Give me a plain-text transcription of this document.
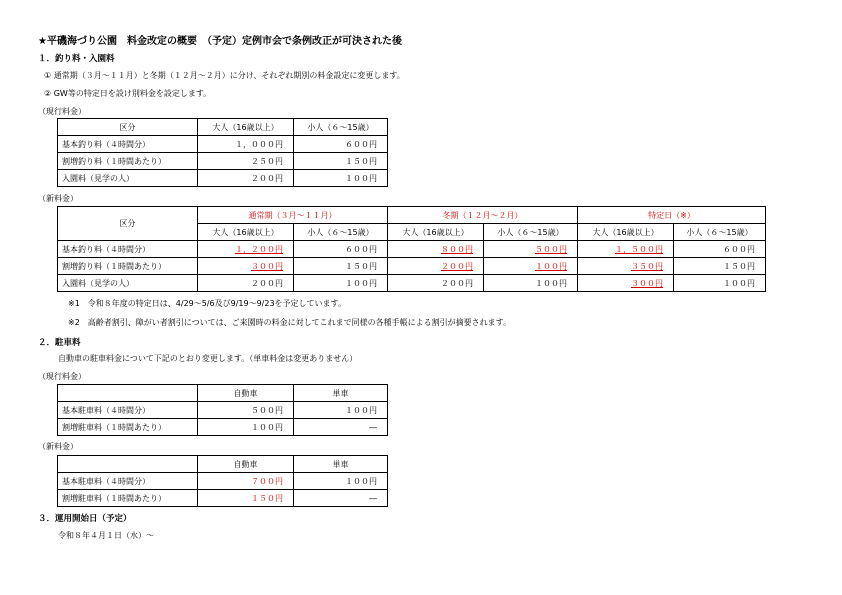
★平磯海づり公園　料金改定の概要　（予定）定例市会で条例改正が可決された後
１．釣り料・入園料
① 通常期（３月～１１月）と冬期（１２月～２月）に分け、それぞれ期別の料金設定に変更します。
② GW等の特定日を設け別料金を設定します。
（現行料金）
区分	大人（16歳以上）	小人（６～15歳）
基本釣り料（４時間分）	１，０００円	６００円
割増釣り料（１時間あたり）	２５０円	１５０円
入園料（見学の人）	２００円	１００円
（新料金）
区分	通常期（３月～１１月）		冬期（１２月～２月）		特定日（※）	
	大人（16歳以上）	小人（６～15歳）	大人（16歳以上）	小人（６～15歳）	大人（16歳以上）	小人（６～15歳）
基本釣り料（４時間分）	１，２００円	６００円	８００円	５００円	１，５００円	６００円
割増釣り料（１時間あたり）	３００円	１５０円	２００円	１００円	３５０円	１５０円
入園料（見学の人）	２００円	１００円	２００円	１００円	３００円	１００円
※1　令和８年度の特定日は、4/29～5/6及び9/19～9/23を予定しています。
※2　高齢者割引、障がい者割引については、ご来園時の料金に対してこれまで同様の各種手帳による割引が摘要されます。
２．駐車料
自動車の駐車料金について下記のとおり変更します。（単車料金は変更ありません）
（現行料金）
	自動車	単車
基本駐車料（４時間分）	５００円	１００円
割増駐車料（１時間あたり）	１００円	―
（新料金）
	自動車	単車
基本駐車料（４時間分）	７００円	１００円
割増駐車料（１時間あたり）	１５０円	―
３．運用開始日（予定）
令和８年４月１日（水）～
